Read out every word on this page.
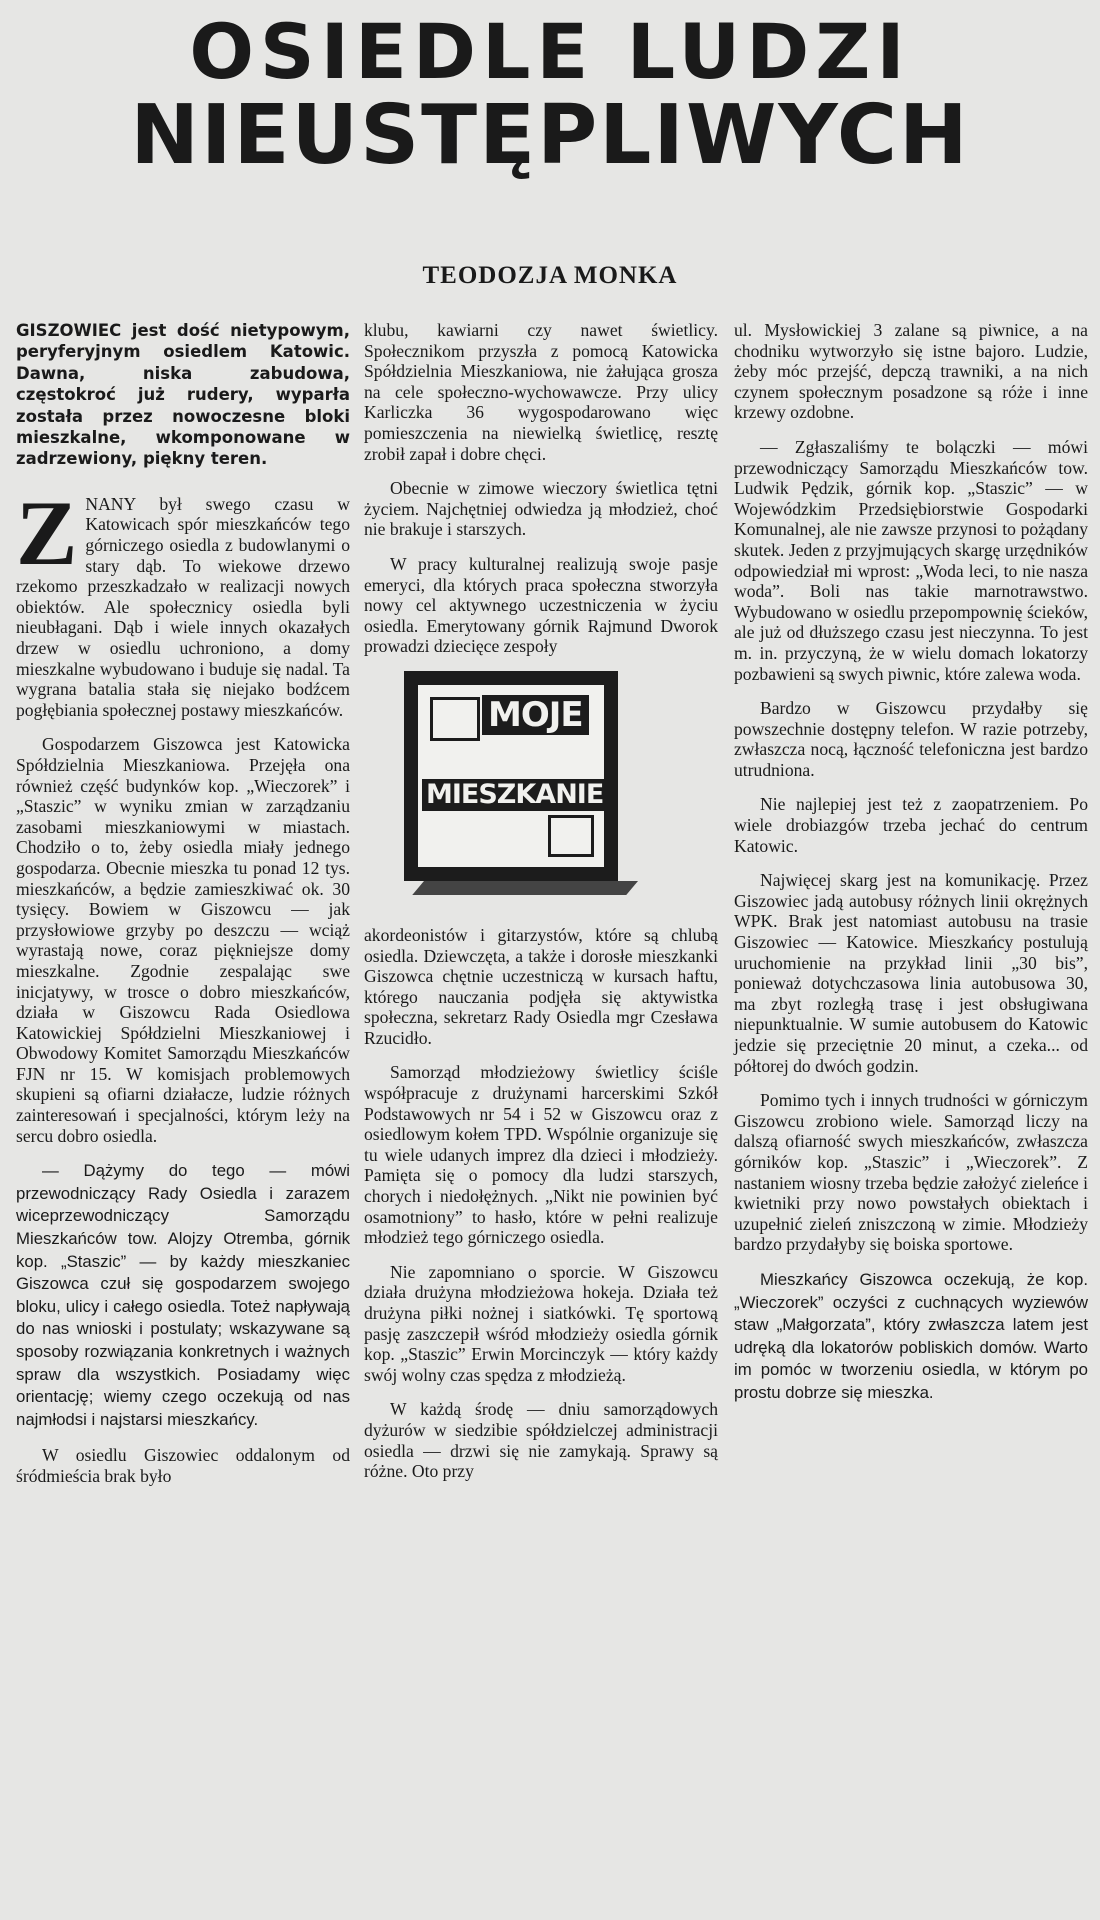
OSIEDLE LUDZI
NIEUSTĘPLIWYCH
TEODOZJA MONKA

GISZOWIEC jest dość nietypowym, peryferyjnym osiedlem Katowic. Dawna, niska zabudowa, częstokroć już rudery, wyparła została przez nowoczesne bloki mieszkalne, wkomponowane w zadrzewiony, piękny teren.

ZNANY był swego czasu w Katowicach spór mieszkańców tego górniczego osiedla z budowlanymi o stary dąb. To wiekowe drzewo rzekomo przeszkadzało w realizacji nowych obiektów. Ale społecznicy osiedla byli nieubłagani. Dąb i wiele innych okazałych drzew w osiedlu uchroniono, a domy mieszkalne wybudowano i buduje się nadal. Ta wygrana batalia stała się niejako bodźcem pogłębiania społecznej postawy mieszkańców.

Gospodarzem Giszowca jest Katowicka Spółdzielnia Mieszkaniowa. Przejęła ona również część budynków kop. „Wieczorek” i „Staszic” w wyniku zmian w zarządzaniu zasobami mieszkaniowymi w miastach. Chodziło o to, żeby osiedla miały jednego gospodarza. Obecnie mieszka tu ponad 12 tys. mieszkańców, a będzie zamieszkiwać ok. 30 tysięcy. Bowiem w Giszowcu — jak przysłowiowe grzyby po deszczu — wciąż wyrastają nowe, coraz piękniejsze domy mieszkalne. Zgodnie zespalając swe inicjatywy, w trosce o dobro mieszkańców, działa w Giszowcu Rada Osiedlowa Katowickiej Spółdzielni Mieszkaniowej i Obwodowy Komitet Samorządu Mieszkańców FJN nr 15. W komisjach problemowych skupieni są ofiarni działacze, ludzie różnych zainteresowań i specjalności, którym leży na sercu dobro osiedla.

— Dążymy do tego — mówi przewodniczący Rady Osiedla i zarazem wiceprzewodniczący Samorządu Mieszkańców tow. Alojzy Otremba, górnik kop. „Staszic” — by każdy mieszkaniec Giszowca czuł się gospodarzem swojego bloku, ulicy i całego osiedla. Toteż napływają do nas wnioski i postulaty; wskazywane są sposoby rozwiązania konkretnych i ważnych spraw dla wszystkich. Posiadamy więc orientację; wiemy czego oczekują od nas najmłodsi i najstarsi mieszkańcy.

W osiedlu Giszowiec oddalonym od śródmieścia brak było

klubu, kawiarni czy nawet świetlicy. Społecznikom przyszła z pomocą Katowicka Spółdzielnia Mieszkaniowa, nie żałująca grosza na cele społeczno-wychowawcze. Przy ulicy Karliczka 36 wygospodarowano więc pomieszczenia na niewielką świetlicę, resztę zrobił zapał i dobre chęci.

Obecnie w zimowe wieczory świetlica tętni życiem. Najchętniej odwiedza ją młodzież, choć nie brakuje i starszych.

W pracy kulturalnej realizują swoje pasje emeryci, dla których praca społeczna stworzyła nowy cel aktywnego uczestniczenia w życiu osiedla. Emerytowany górnik Rajmund Dworok prowadzi dziecięce zespoły

MOJE
MIESZKANIE

akordeonistów i gitarzystów, które są chlubą osiedla. Dziewczęta, a także i dorosłe mieszkanki Giszowca chętnie uczestniczą w kursach haftu, którego nauczania podjęła się aktywistka społeczna, sekretarz Rady Osiedla mgr Czesława Rzucidło.

Samorząd młodzieżowy świetlicy ściśle współpracuje z drużynami harcerskimi Szkół Podstawowych nr 54 i 52 w Giszowcu oraz z osiedlowym kołem TPD. Wspólnie organizuje się tu wiele udanych imprez dla dzieci i młodzieży. Pamięta się o pomocy dla ludzi starszych, chorych i niedołężnych. „Nikt nie powinien być osamotniony” to hasło, które w pełni realizuje młodzież tego górniczego osiedla.

Nie zapomniano o sporcie. W Giszowcu działa drużyna młodzieżowa hokeja. Działa też drużyna piłki nożnej i siatkówki. Tę sportową pasję zaszczepił wśród młodzieży osiedla górnik kop. „Staszic” Erwin Morcinczyk — który każdy swój wolny czas spędza z młodzieżą.

W każdą środę — dniu samorządowych dyżurów w siedzibie spółdzielczej administracji osiedla — drzwi się nie zamykają. Sprawy są różne. Oto przy

ul. Mysłowickiej 3 zalane są piwnice, a na chodniku wytworzyło się istne bajoro. Ludzie, żeby móc przejść, depczą trawniki, a na nich czynem społecznym posadzone są róże i inne krzewy ozdobne.

— Zgłaszaliśmy te bolączki — mówi przewodniczący Samorządu Mieszkańców tow. Ludwik Pędzik, górnik kop. „Staszic” — w Wojewódzkim Przedsiębiorstwie Gospodarki Komunalnej, ale nie zawsze przynosi to pożądany skutek. Jeden z przyjmujących skargę urzędników odpowiedział mi wprost: „Woda leci, to nie nasza woda”. Boli nas takie marnotrawstwo. Wybudowano w osiedlu przepompownię ścieków, ale już od dłuższego czasu jest nieczynna. To jest m. in. przyczyną, że w wielu domach lokatorzy pozbawieni są swych piwnic, które zalewa woda.

Bardzo w Giszowcu przydałby się powszechnie dostępny telefon. W razie potrzeby, zwłaszcza nocą, łączność telefoniczna jest bardzo utrudniona.

Nie najlepiej jest też z zaopatrzeniem. Po wiele drobiazgów trzeba jechać do centrum Katowic.

Najwięcej skarg jest na komunikację. Przez Giszowiec jadą autobusy różnych linii okrężnych WPK. Brak jest natomiast autobusu na trasie Giszowiec — Katowice. Mieszkańcy postulują uruchomienie na przykład linii „30 bis”, ponieważ dotychczasowa linia autobusowa 30, ma zbyt rozległą trasę i jest obsługiwana niepunktualnie. W sumie autobusem do Katowic jedzie się przeciętnie 20 minut, a czeka... od półtorej do dwóch godzin.

Pomimo tych i innych trudności w górniczym Giszowcu zrobiono wiele. Samorząd liczy na dalszą ofiarność swych mieszkańców, zwłaszcza górników kop. „Staszic” i „Wieczorek”. Z nastaniem wiosny trzeba będzie założyć zieleńce i kwietniki przy nowo powstałych obiektach i uzupełnić zieleń zniszczoną w zimie. Młodzieży bardzo przydałyby się boiska sportowe.

Mieszkańcy Giszowca oczekują, że kop. „Wieczorek” oczyści z cuchnących wyziewów staw „Małgorzata”, który zwłaszcza latem jest udręką dla lokatorów pobliskich domów. Warto im pomóc w tworzeniu osiedla, w którym po prostu dobrze się mieszka.
